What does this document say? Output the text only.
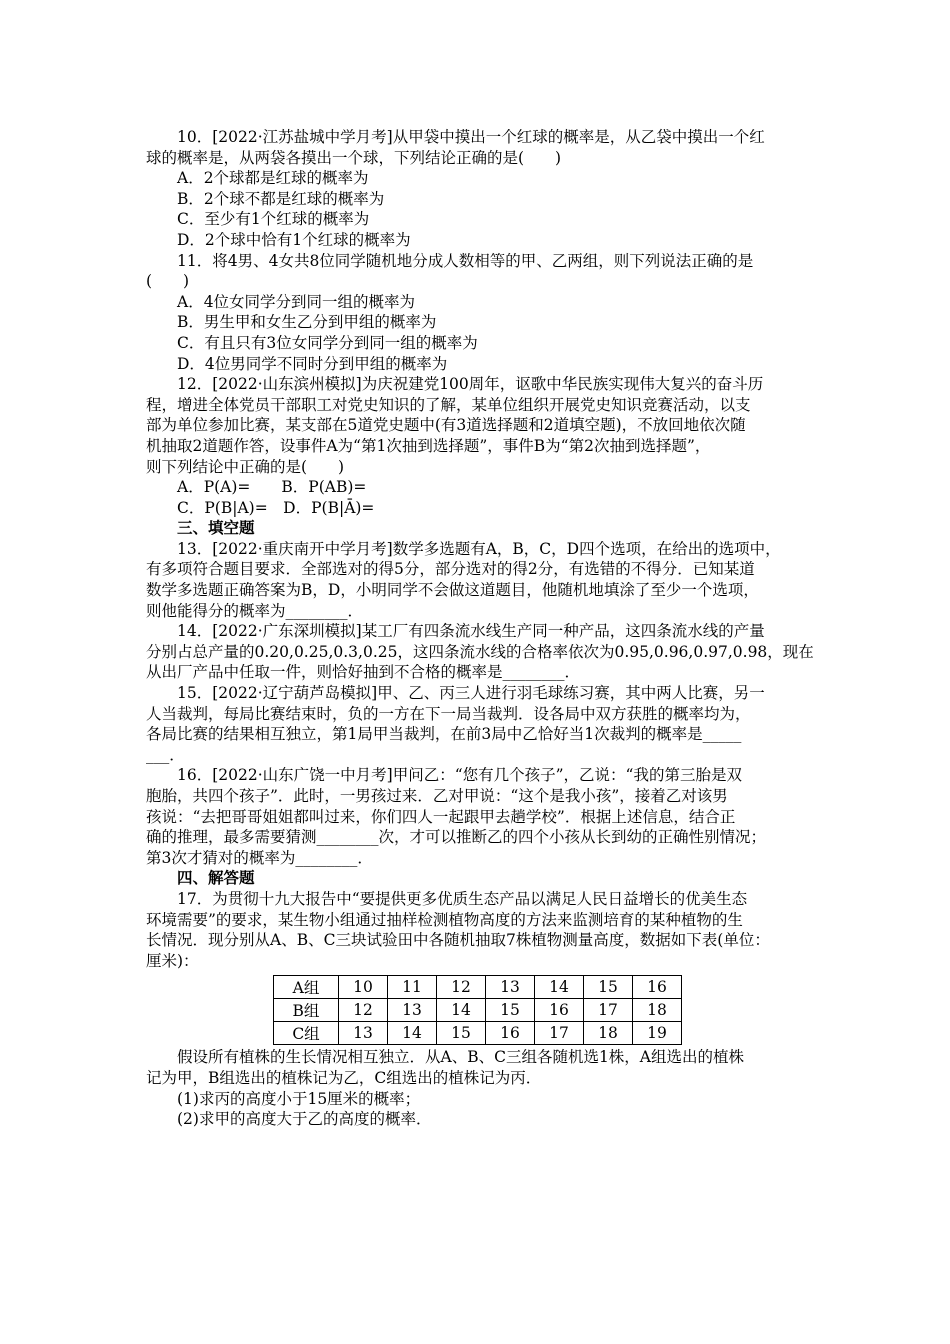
10．[2022·江苏盐城中学月考]从甲袋中摸出一个红球的概率是，从乙袋中摸出一个红
球的概率是，从两袋各摸出一个球，下列结论正确的是(　　)
A．2个球都是红球的概率为
B．2个球不都是红球的概率为
C．至少有1个红球的概率为
D．2个球中恰有1个红球的概率为
11．将4男、4女共8位同学随机地分成人数相等的甲、乙两组，则下列说法正确的是
(　　)
A．4位女同学分到同一组的概率为
B．男生甲和女生乙分到甲组的概率为
C．有且只有3位女同学分到同一组的概率为
D．4位男同学不同时分到甲组的概率为
12．[2022·山东滨州模拟]为庆祝建党100周年，讴歌中华民族实现伟大复兴的奋斗历
程，增进全体党员干部职工对党史知识的了解，某单位组织开展党史知识竞赛活动，以支
部为单位参加比赛，某支部在5道党史题中(有3道选择题和2道填空题)，不放回地依次随
机抽取2道题作答，设事件A为“第1次抽到选择题”，事件B为“第2次抽到选择题”，
则下列结论中正确的是(　　)
A．P(A)=　　B．P(AB)=
C．P(B|A)=　D．P(B|Ā)=
三、填空题
13．[2022·重庆南开中学月考]数学多选题有A，B，C，D四个选项，在给出的选项中，
有多项符合题目要求．全部选对的得5分，部分选对的得2分，有选错的不得分．已知某道
数学多选题正确答案为B，D，小明同学不会做这道题目，他随机地填涂了至少一个选项，
则他能得分的概率为________．
14．[2022·广东深圳模拟]某工厂有四条流水线生产同一种产品，这四条流水线的产量
分别占总产量的0.20,0.25,0.3,0.25，这四条流水线的合格率依次为0.95,0.96,0.97,0.98，现在
从出厂产品中任取一件，则恰好抽到不合格的概率是________．
15．[2022·辽宁葫芦岛模拟]甲、乙、丙三人进行羽毛球练习赛，其中两人比赛，另一
人当裁判，每局比赛结束时，负的一方在下一局当裁判．设各局中双方获胜的概率均为，
各局比赛的结果相互独立，第1局甲当裁判，在前3局中乙恰好当1次裁判的概率是_____
___．
16．[2022·山东广饶一中月考]甲问乙：“您有几个孩子”，乙说：“我的第三胎是双
胞胎，共四个孩子”．此时，一男孩过来．乙对甲说：“这个是我小孩”，接着乙对该男
孩说：“去把哥哥姐姐都叫过来，你们四人一起跟甲去趟学校”．根据上述信息，结合正
确的推理，最多需要猜测________次，才可以推断乙的四个小孩从长到幼的正确性别情况；
第3次才猜对的概率为________．
四、解答题
17．为贯彻十九大报告中“要提供更多优质生态产品以满足人民日益增长的优美生态
环境需要”的要求，某生物小组通过抽样检测植物高度的方法来监测培育的某种植物的生
长情况．现分别从A、B、C三块试验田中各随机抽取7株植物测量高度，数据如下表(单位：
厘米)：
A组	10	11	12	13	14	15	16
B组	12	13	14	15	16	17	18
C组	13	14	15	16	17	18	19
假设所有植株的生长情况相互独立．从A、B、C三组各随机选1株，A组选出的植株
记为甲，B组选出的植株记为乙，C组选出的植株记为丙．
(1)求丙的高度小于15厘米的概率；
(2)求甲的高度大于乙的高度的概率．
